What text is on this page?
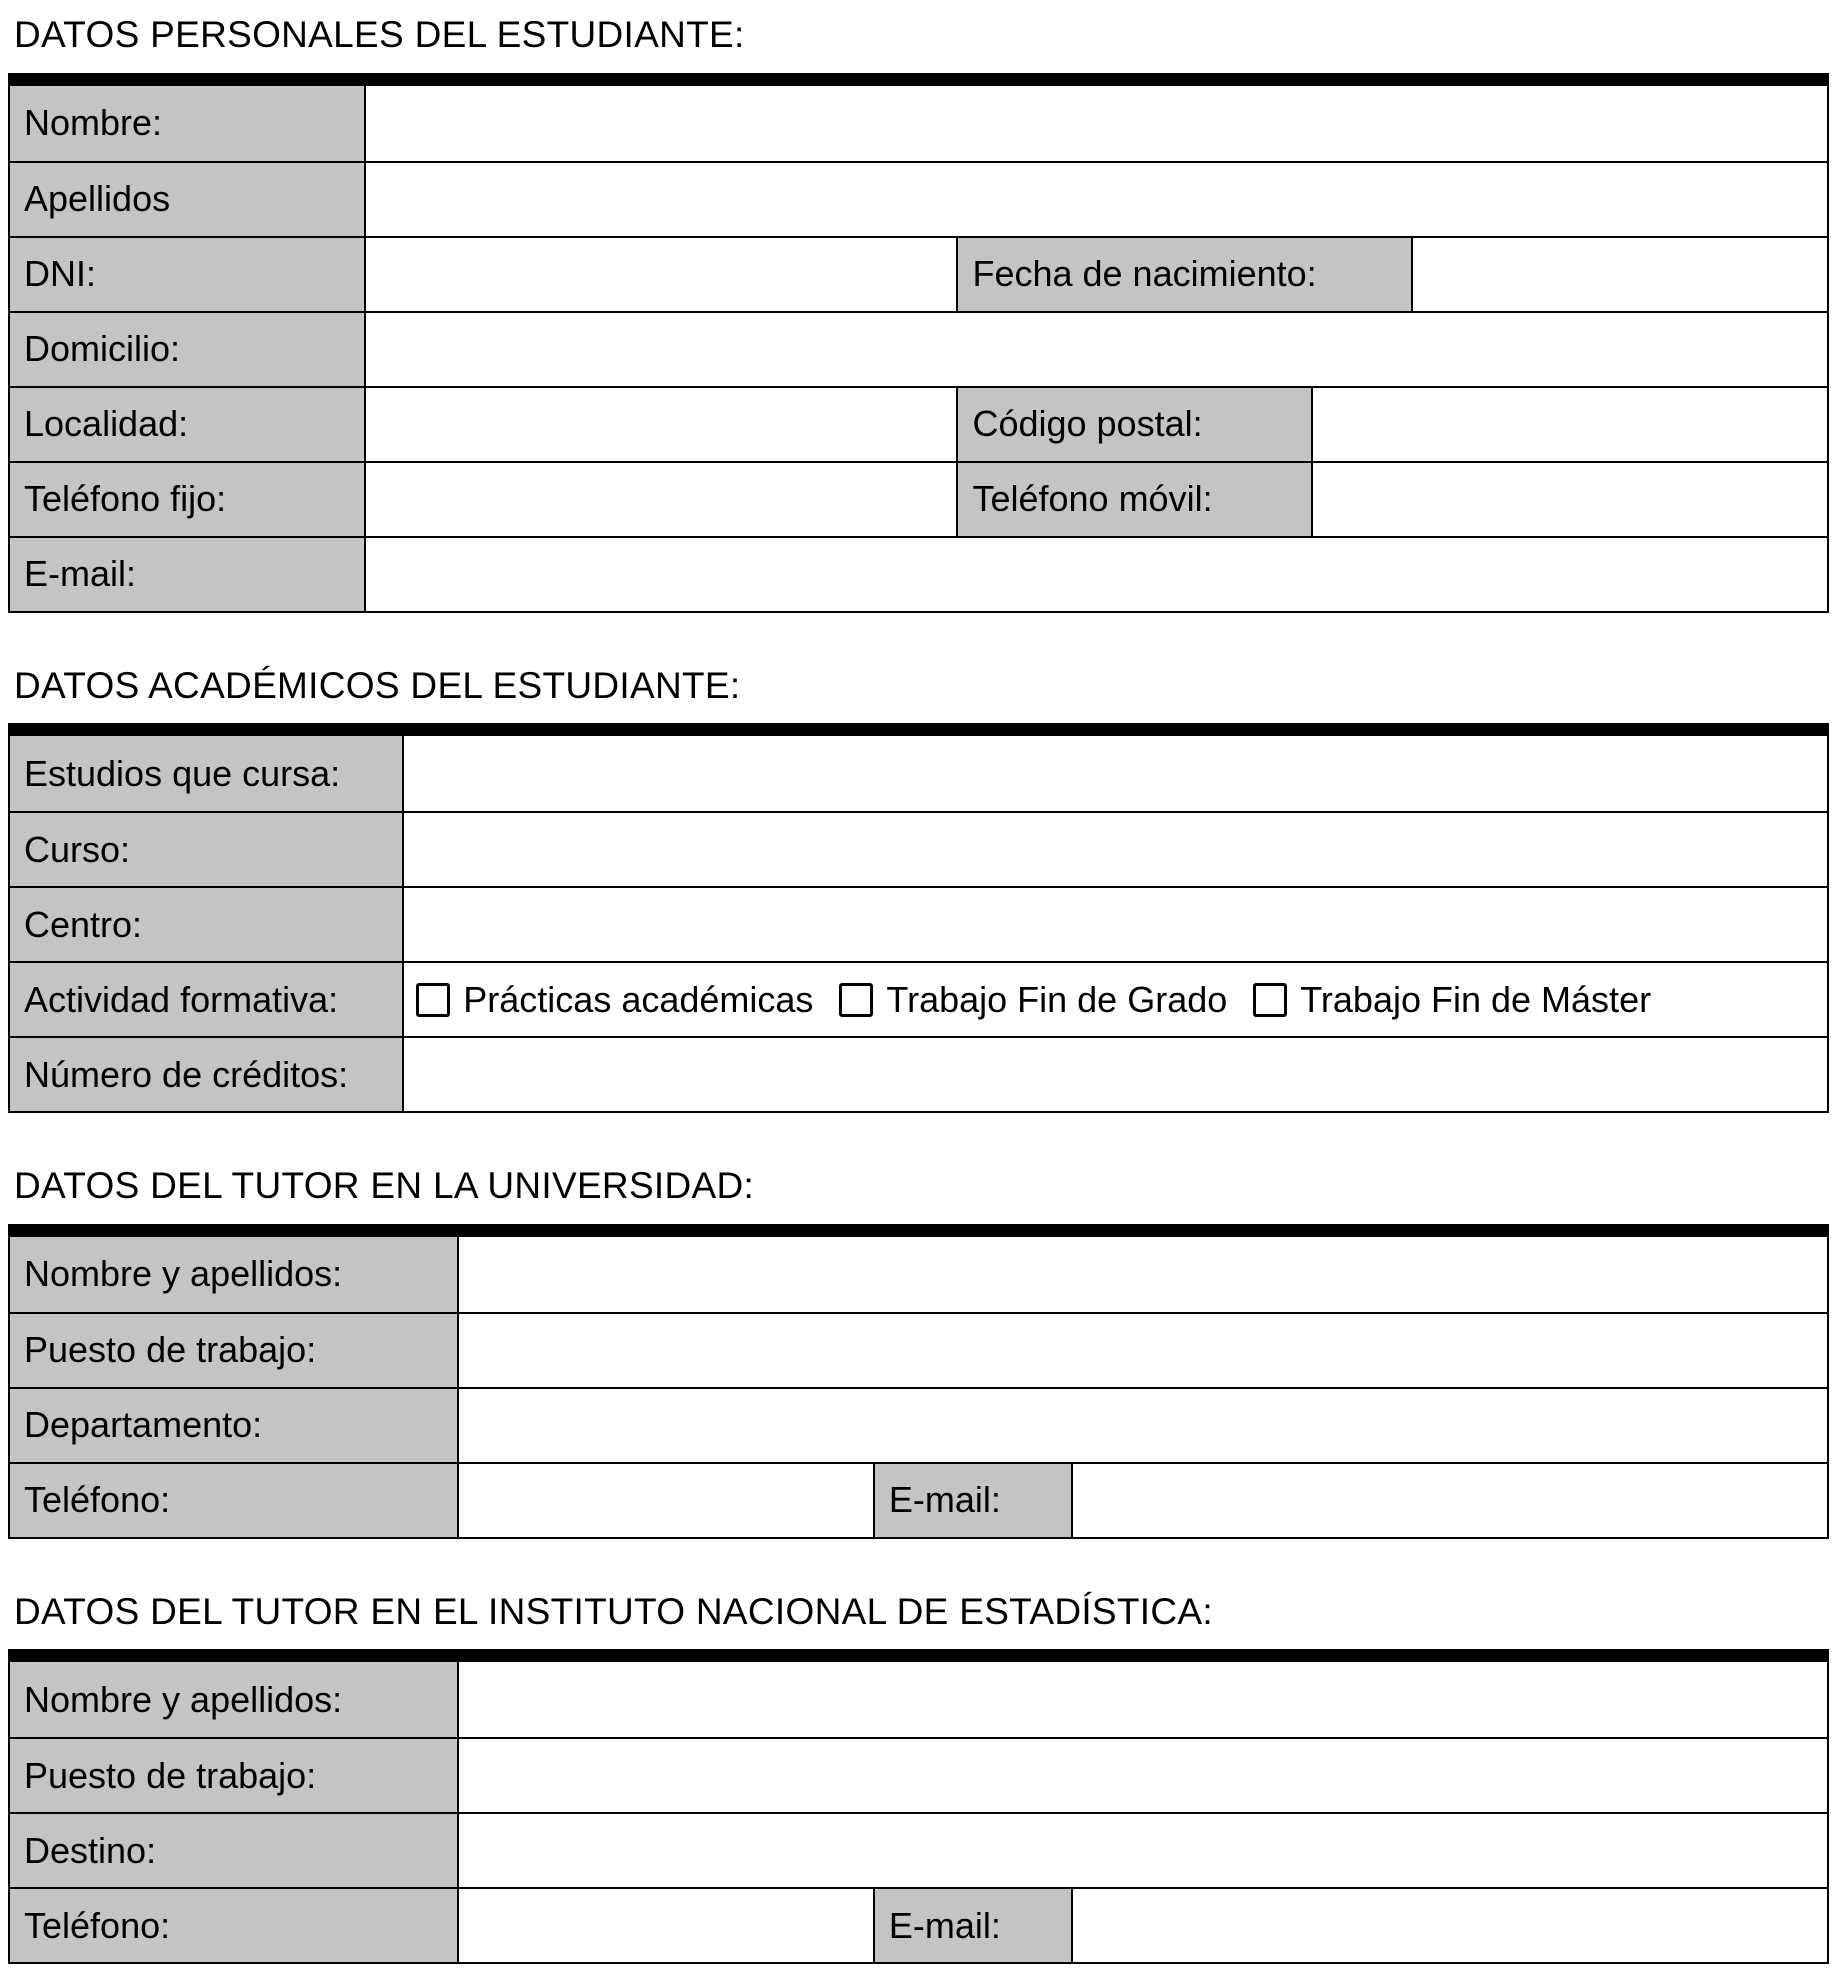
DATOS PERSONALES DEL ESTUDIANTE:
Nombre:
Apellidos
DNI:	Fecha de nacimiento:
Domicilio:
Localidad:	Código postal:
Teléfono fijo:	Teléfono móvil:
E-mail:
DATOS ACADÉMICOS DEL ESTUDIANTE:
Estudios que cursa:
Curso:
Centro:
Actividad formativa:	Prácticas académicas Trabajo Fin de Grado Trabajo Fin de Máster
Número de créditos:
DATOS DEL TUTOR EN LA UNIVERSIDAD:
Nombre y apellidos:
Puesto de trabajo:
Departamento:
Teléfono:	E-mail:
DATOS DEL TUTOR EN EL INSTITUTO NACIONAL DE ESTADÍSTICA:
Nombre y apellidos:
Puesto de trabajo:
Destino:
Teléfono:	E-mail:
